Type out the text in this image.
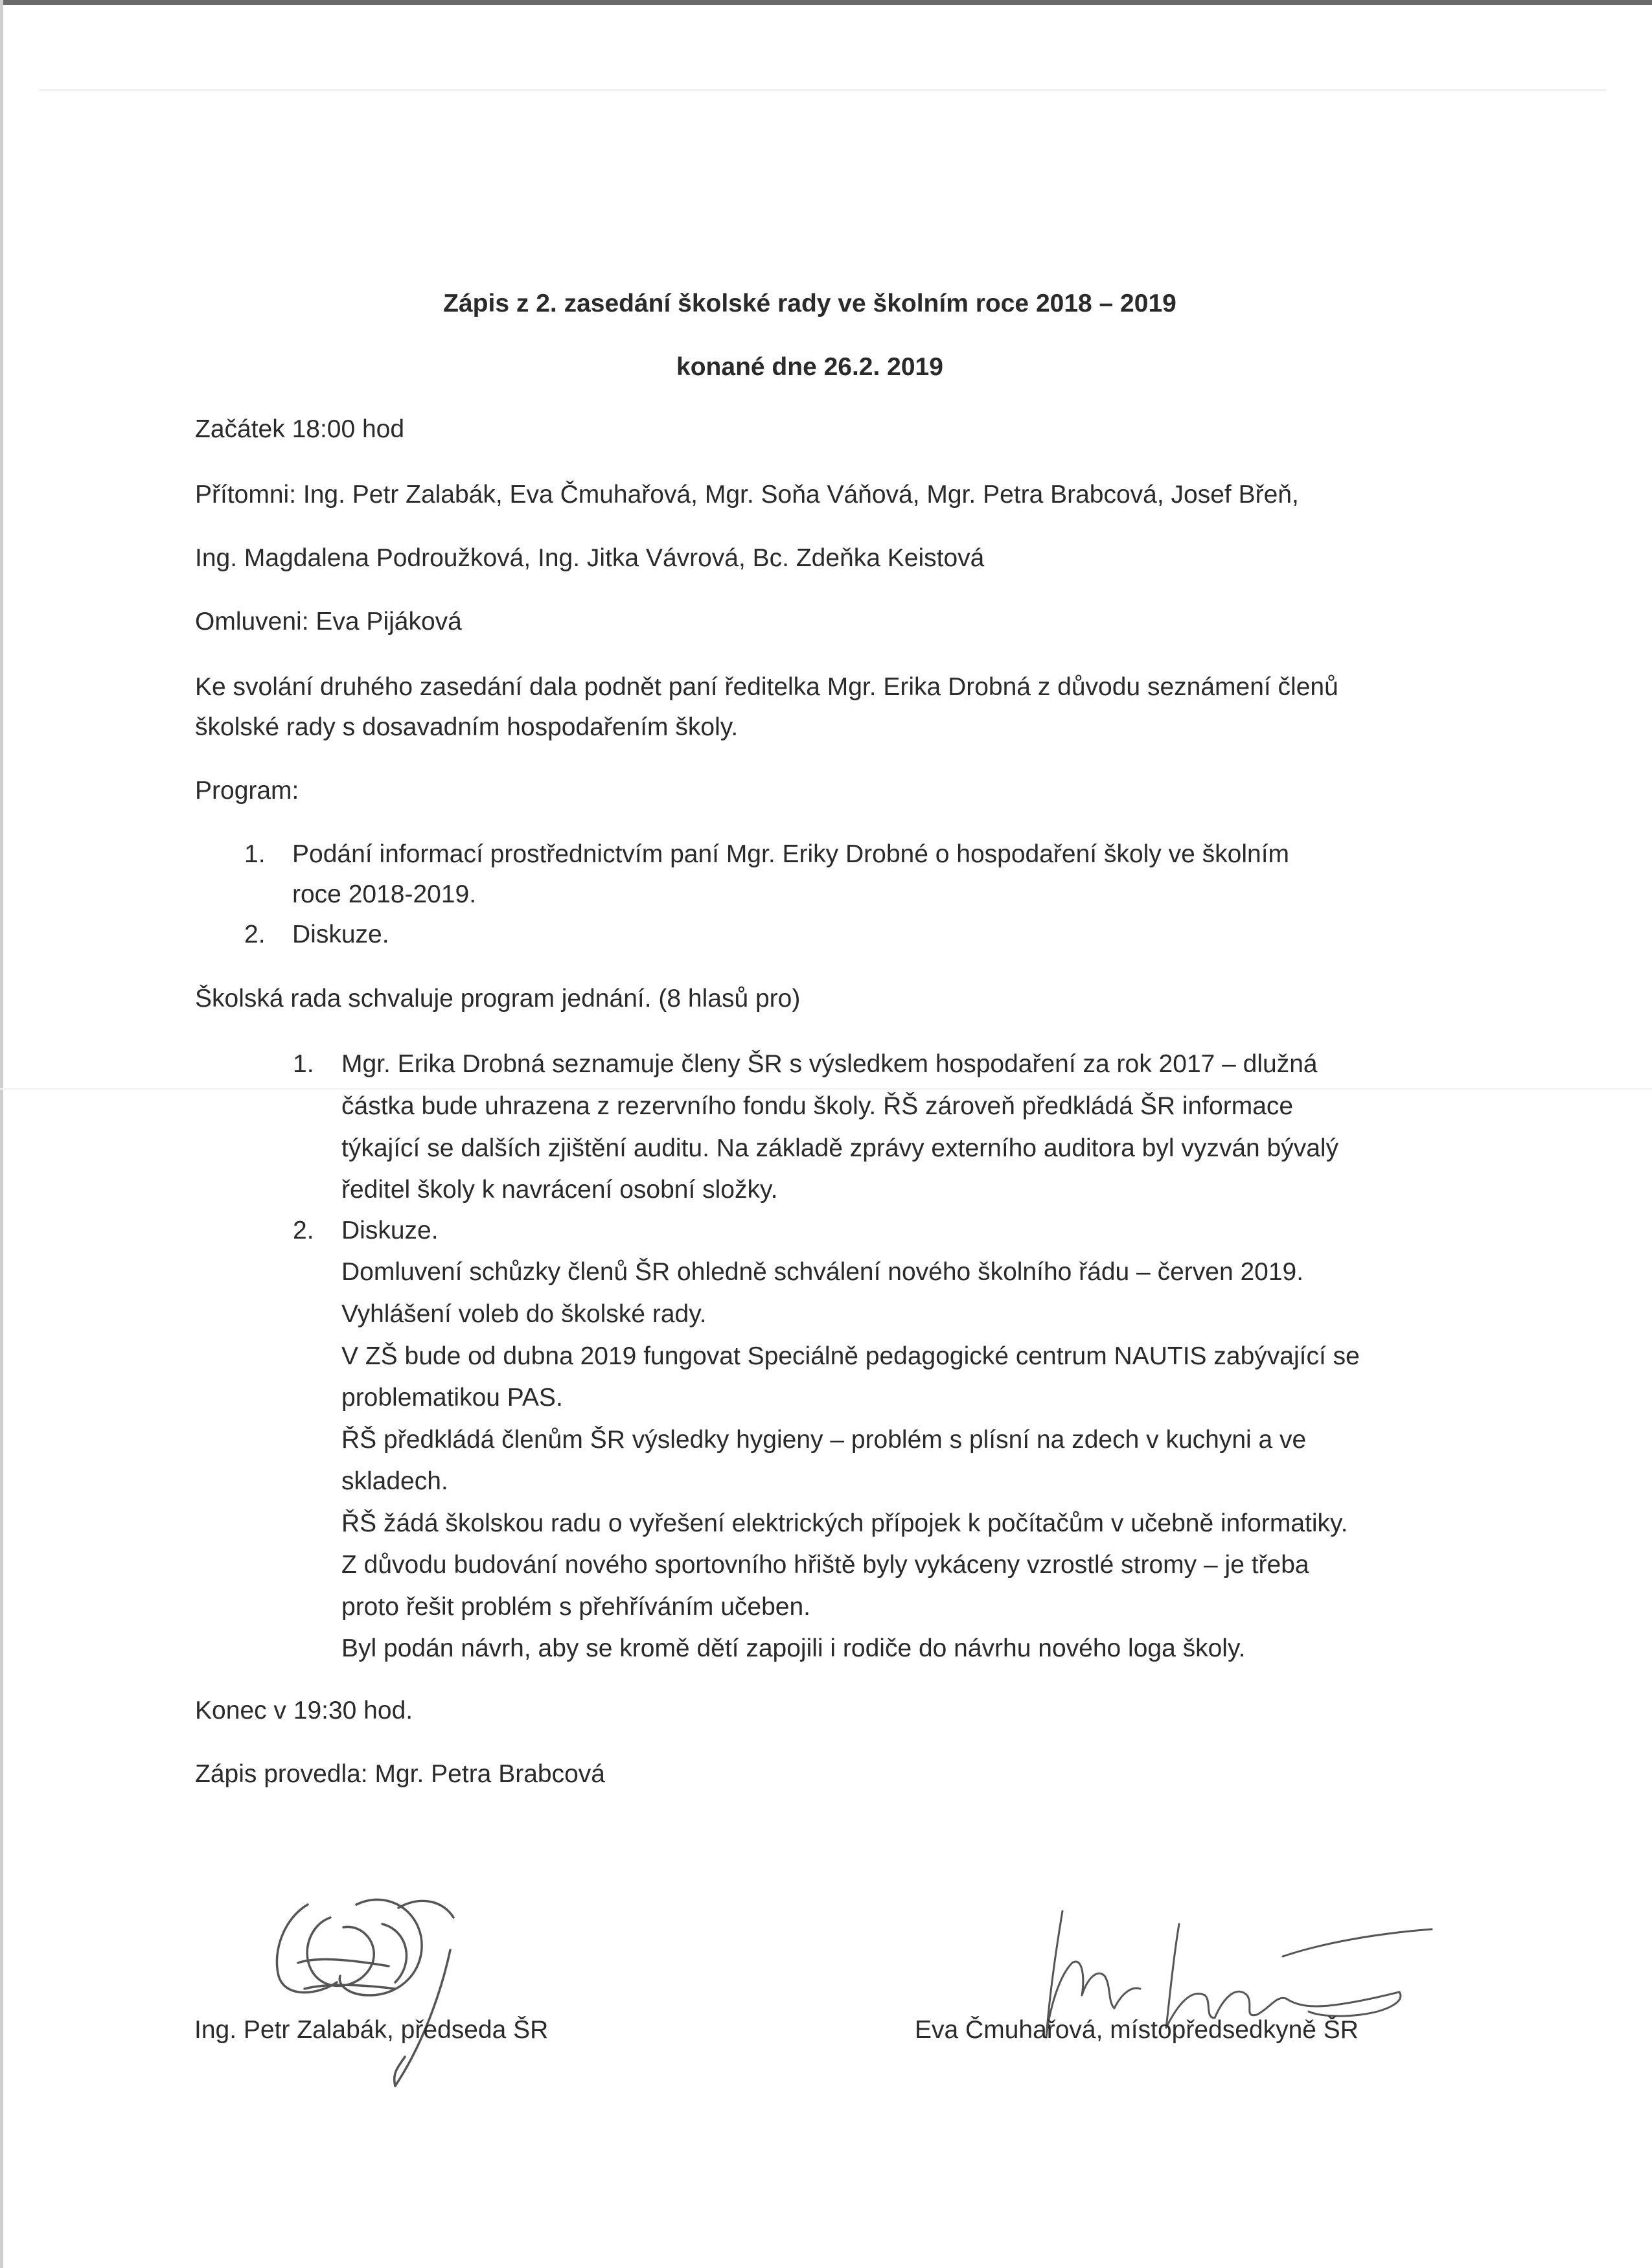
Zápis z 2. zasedání školské rady ve školním roce 2018 – 2019
konané dne 26.2. 2019
Začátek 18:00 hod
Přítomni: Ing. Petr Zalabák, Eva Čmuhařová, Mgr. Soňa Váňová, Mgr. Petra Brabcová, Josef Břeň,
Ing. Magdalena Podroužková, Ing. Jitka Vávrová, Bc. Zdeňka Keistová
Omluveni: Eva Pijáková
Ke svolání druhého zasedání dala podnět paní ředitelka Mgr. Erika Drobná z důvodu seznámení členů
školské rady s dosavadním hospodařením školy.
Program:
1. Podání informací prostřednictvím paní Mgr. Eriky Drobné o hospodaření školy ve školním
roce 2018-2019.
2. Diskuze.
Školská rada schvaluje program jednání. (8 hlasů pro)
1. Mgr. Erika Drobná seznamuje členy ŠR s výsledkem hospodaření za rok 2017 – dlužná
částka bude uhrazena z rezervního fondu školy. ŘŠ zároveň předkládá ŠR informace
týkající se dalších zjištění auditu. Na základě zprávy externího auditora byl vyzván bývalý
ředitel školy k navrácení osobní složky.
2. Diskuze.
Domluvení schůzky členů ŠR ohledně schválení nového školního řádu – červen 2019.
Vyhlášení voleb do školské rady.
V ZŠ bude od dubna 2019 fungovat Speciálně pedagogické centrum NAUTIS zabývající se
problematikou PAS.
ŘŠ předkládá členům ŠR výsledky hygieny – problém s plísní na zdech v kuchyni a ve
skladech.
ŘŠ žádá školskou radu o vyřešení elektrických přípojek k počítačům v učebně informatiky.
Z důvodu budování nového sportovního hřiště byly vykáceny vzrostlé stromy – je třeba
proto řešit problém s přehříváním učeben.
Byl podán návrh, aby se kromě dětí zapojili i rodiče do návrhu nového loga školy.
Konec v 19:30 hod.
Zápis provedla: Mgr. Petra Brabcová
Ing. Petr Zalabák, předseda ŠR	Eva Čmuhařová, místopředsedkyně ŠR
